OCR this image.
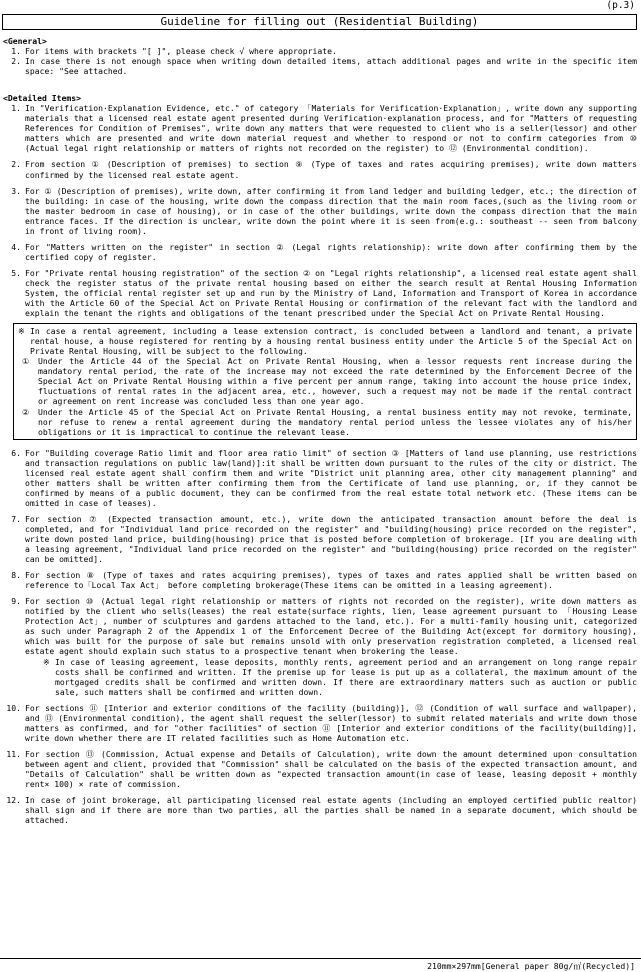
(p.3)
Guideline for filling out (Residential Building)
<General>
1. For items with brackets "[ ]", please check √ where appropriate.
2. In case there is not enough space when writing down detailed items, attach additional pages and write in the specific item space: "See attached.
<Detailed Items>
1. In "Verification·Explanation Evidence, etc." of category 「Materials for Verification·Explanation」, write down any supporting materials that a licensed real estate agent presented during Verification·explanation process, and for "Matters of requesting References for Condition of Premises", write down any matters that were requested to client who is a seller(lessor) and other matters which are presented and write down material request and whether to respond or not to confirm categories from ⑩ (Actual legal right relationship or matters of rights not recorded on the register) to ⑫ (Environmental condition).
2. From section ① (Description of premises) to section ⑨ (Type of taxes and rates acquiring premises), write down matters confirmed by the licensed real estate agent.
3. For ① (Description of premises), write down, after confirming it from land ledger and building ledger, etc.; the direction of the building: in case of the housing, write down the compass direction that the main room faces,(such as the living room or the master bedroom in case of housing), or in case of the other buildings, write down the compass direction that the main entrance faces. If the direction is unclear, write down the point where it is seen from(e.g.: southeast -- seen from balcony in front of living room).
4. For "Matters written on the register" in section ② (Legal rights relationship): write down after confirming them by the certified copy of register.
5. For "Private rental housing registration" of the section ② on "Legal rights relationship", a licensed real estate agent shall check the register status of the private rental housing based on either the search result at Rental Housing Information System, the official rental register set up and run by the Ministry of Land, Information and Transport of Korea in accordance with the Article 60 of the Special Act on Private Rental Housing or confirmation of the relevant fact with the landlord and explain the tenant the rights and obligations of the tenant prescribed under the Special Act on Private Rental Housing.
※ In case a rental agreement, including a lease extension contract, is concluded between a landlord and tenant, a private rental house, a house registered for renting by a housing rental business entity under the Article 5 of the Special Act on Private Rental Housing, will be subject to the following.
①	Under the Article 44 of the Special Act on Private Rental Housing, when a lessor requests rent increase during the mandatory rental period, the rate of the increase may not exceed the rate determined by the Enforcement Decree of the Special Act on Private Rental Housing within a five percent per annum range, taking into account the house price index, fluctuations of rental rates in the adjacent area, etc., however, such a request may not be made if the rental contract or agreement on rent increase was concluded less than one year ago.
②	Under the Article 45 of the Special Act on Private Rental Housing, a rental business entity may not revoke, terminate, nor refuse to renew a rental agreement during the mandatory rental period unless the lessee violates any of his/her obligations or it is impractical to continue the relevant lease.
6. For "Building coverage Ratio limit and floor area ratio limit" of section ③ [Matters of land use planning, use restrictions and transaction regulations on public law(land)]:it shall be written down pursuant to the rules of the city or district. The licensed real estate agent shall confirm them and write "District unit planning area, other city management planning" and other matters shall be written after confirming them from the Certificate of land use planning, or, if they cannot be confirmed by means of a public document, they can be confirmed from the real estate total network etc. (These items can be omitted in case of leases).
7. For section ⑦ (Expected transaction amount, etc.), write down the anticipated transaction amount before the deal is completed, and for "Individual land price recorded on the register" and "building(housing) price recorded on the register", write down posted land price, building(housing) price that is posted before completion of brokerage. [If you are dealing with a leasing agreement, "Individual land price recorded on the register" and "building(housing) price recorded on the register" can be omitted].
8. For section ⑧ (Type of taxes and rates acquiring premises), types of taxes and rates applied shall be written based on reference to「Local Tax Act」 before completing brokerage(These items can be omitted in a leasing agreement).
9. For section ⑩ (Actual legal right relationship or matters of rights not recorded on the register), write down matters as notified by the client who sells(leases) the real estate(surface rights, lien, lease agreement pursuant to 「Housing Lease Protection Act」, number of sculptures and gardens attached to the land, etc.). For a multi-family housing unit, categorized as such under Paragraph 2 of the Appendix 1 of the Enforcement Decree of the Building Act(except for dormitory housing), which was built for the purpose of sale but remains unsold with only preservation registration completed, a licensed real estate agent should explain such status to a prospective tenant when brokering the lease.
※ In case of leasing agreement, lease deposits, monthly rents, agreement period and an arrangement on long range repair costs shall be confirmed and written. If the premise up for lease is put up as a collateral, the maximum amount of the mortgaged credits shall be confirmed and written down. If there are extraordinary matters such as auction or public sale, such matters shall be confirmed and written down.
10. For sections ⑪ [Interior and exterior conditions of the facility (building)], ⑫ (Condition of wall surface and wallpaper), and ⑬ (Environmental condition), the agent shall request the seller(lessor) to submit related materials and write down those matters as confirmed, and for "other facilities" of section ⑪ [Interior and exterior conditions of the facility(building)], write down whether there are IT related facilities such as Home Automation etc.
11. For section ⑬ (Commission, Actual expense and Details of Calculation), write down the amount determined upon consultation between agent and client, provided that "Commission" shall be calculated on the basis of the expected transaction amount, and "Details of Calculation" shall be written down as "expected transaction amount(in case of lease, leasing deposit + monthly rent× 100) × rate of commission.
12. In case of joint brokerage, all participating licensed real estate agents (including an employed certified public realtor) shall sign and if there are more than two parties, all the parties shall be named in a separate document, which should be attached.
210mm×297mm[General paper 80g/㎡(Recycled)]
